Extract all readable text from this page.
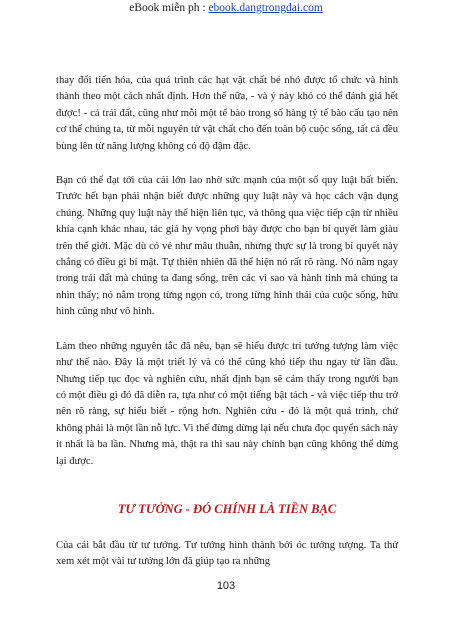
eBook miễn ph : ebook.dangtrongdai.com

thay đổi tiến hóa, của quá trình các hạt vật chất bé nhỏ được tổ chức và hình thành theo một cách nhất định. Hơn thế nữa, - và ý này khó có thể đánh giá hết được! - cả trái đất, cũng như mỗi một tế bào trong số hàng tỷ tế bào cấu tạo nên cơ thể chúng ta, từ mỗi nguyên tử vật chất cho đến toàn bộ cuộc sống, tất cả đều bùng lên từ năng lượng không có độ đậm đặc.

Bạn có thể đạt tới của cải lớn lao nhờ sức mạnh của một số quy luật bất biến. Trước hết bạn phải nhận biết được những quy luật này và học cách vận dụng chúng. Những quy luật này thể hiện liên tục, và thông qua việc tiếp cận từ nhiều khía cạnh khác nhau, tác giả hy vọng phơi bày được cho bạn bí quyết làm giàu trên thế giới. Mặc dù có vẻ như mâu thuẫn, nhưng thực sự là trong bí quyết này chẳng có điều gì bí mật. Tự thiên nhiên đã thể hiện nó rất rõ ràng. Nó nằm ngay trong trái đất mà chúng ta đang sống, trên các vì sao và hành tinh mà chúng ta nhìn thấy; nó nằm trong từng ngọn cỏ, trong từng hình thái của cuộc sống, hữu hình cũng như vô hình.

Làm theo những nguyên tắc đã nêu, bạn sẽ hiểu được trí tưởng tượng làm việc như thế nào. Đây là một triết lý và có thể cũng khó tiếp thu ngay từ lần đầu. Nhưng tiếp tục đọc và nghiên cứu, nhất định bạn sẽ cảm thấy trong người bạn có một điều gì đó đã diễn ra, tựa như có một tiếng bật tách - và việc tiếp thu trở nên rõ ràng, sự hiểu biết - rộng hơn. Nghiên cứu - đó là một quá trình, chứ không phải là một lần nỗ lực. Vì thế đừng dừng lại nếu chưa đọc quyển sách này ít nhất là ba lần. Nhưng mà, thật ra thì sau này chính bạn cũng không thể dừng lại được.

TƯ TƯỞNG - ĐÓ CHÍNH LÀ TIỀN BẠC

Của cải bắt đầu từ tư tưởng. Tư tưởng hình thành bởi óc tưởng tượng. Ta thử xem xét một vài tư tưởng lớn đã giúp tạo ra những

103
